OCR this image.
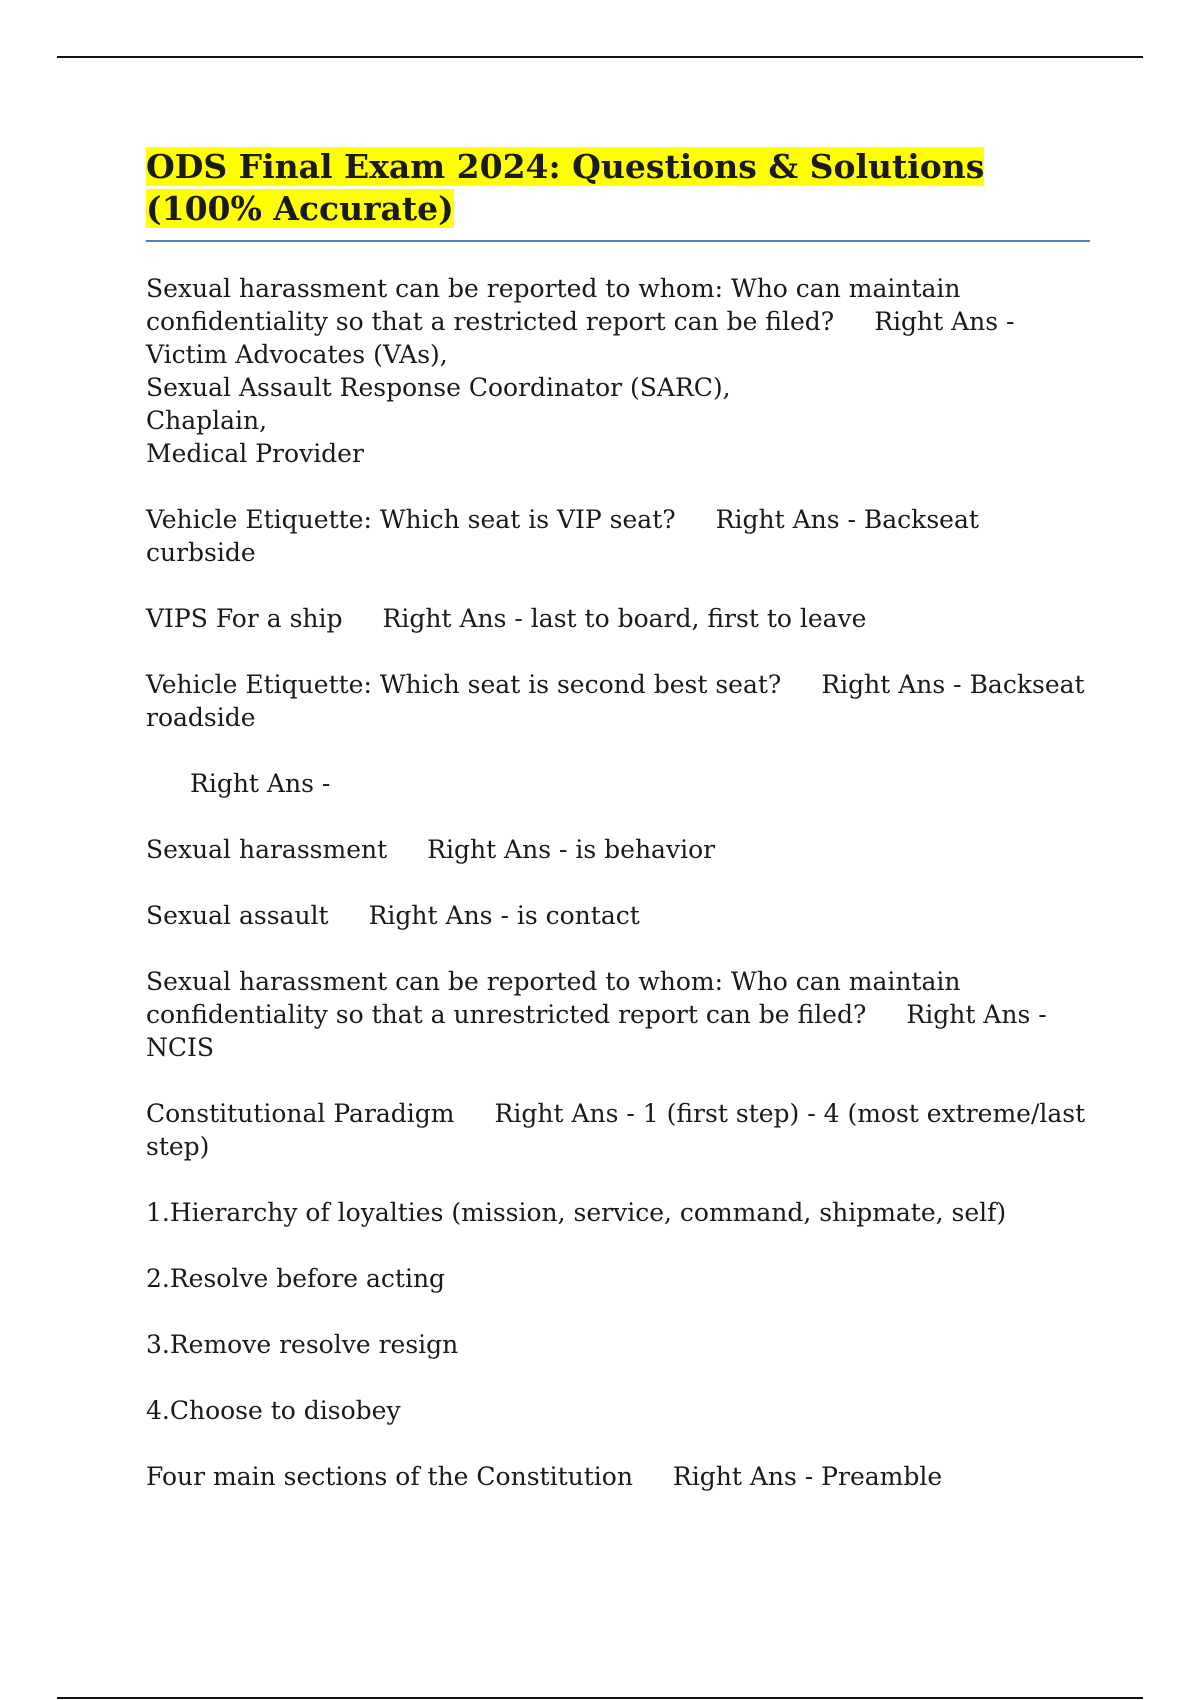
ODS Final Exam 2024: Questions & Solutions (100% Accurate)
Sexual harassment can be reported to whom: Who can maintain confidentiality so that a restricted report can be filed? Right Ans - Victim Advocates (VAs),
Sexual Assault Response Coordinator (SARC),
Chaplain,
Medical Provider
Vehicle Etiquette: Which seat is VIP seat? Right Ans - Backseat curbside
VIPS For a ship Right Ans - last to board, first to leave
Vehicle Etiquette: Which seat is second best seat? Right Ans - Backseat roadside
Right Ans -
Sexual harassment Right Ans - is behavior
Sexual assault Right Ans - is contact
Sexual harassment can be reported to whom: Who can maintain confidentiality so that a unrestricted report can be filed? Right Ans - NCIS
Constitutional Paradigm Right Ans - 1 (first step) - 4 (most extreme/last step)
1.Hierarchy of loyalties (mission, service, command, shipmate, self)
2.Resolve before acting
3.Remove resolve resign
4.Choose to disobey
Four main sections of the Constitution Right Ans - Preamble
